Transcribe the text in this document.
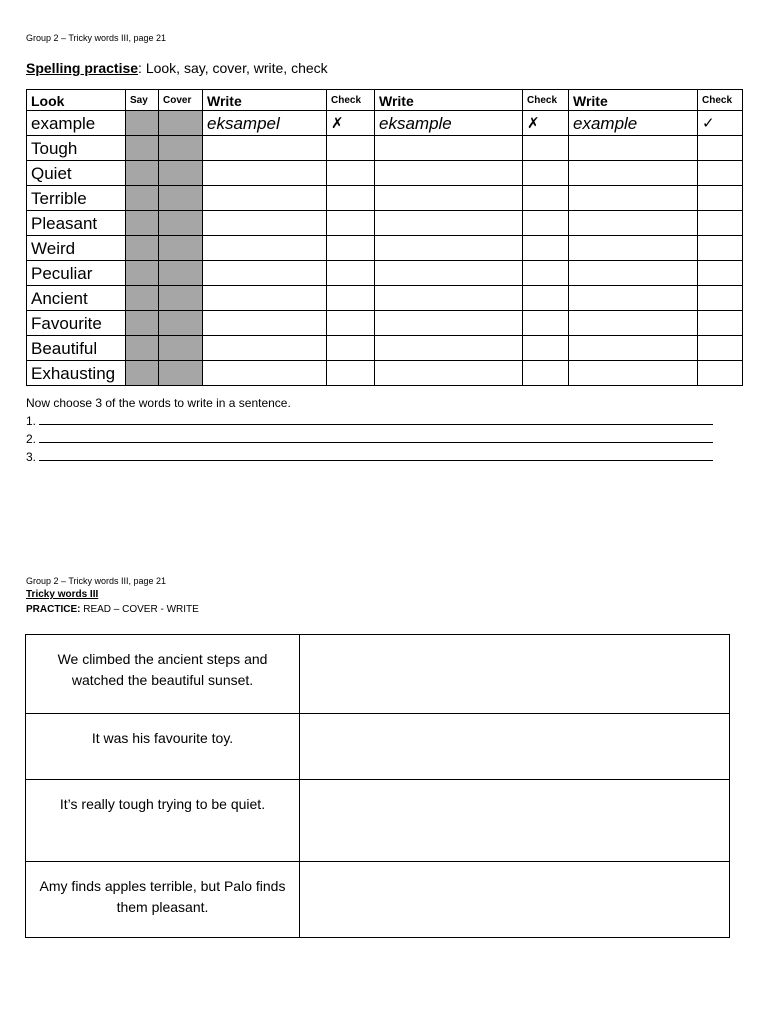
Group 2 – Tricky words III, page 21
Spelling practise: Look, say, cover, write, check
Look	Say	Cover	Write	Check	Write	Check	Write	Check
example			eksampel	✗	eksample	✗	example	✓
Tough								
Quiet								
Terrible								
Pleasant								
Weird								
Peculiar								
Ancient								
Favourite								
Beautiful								
Exhausting								
Now choose 3 of the words to write in a sentence.
1.
2.
3.
Group 2 – Tricky words III, page 21
Tricky words III
PRACTICE: READ – COVER - WRITE
We climbed the ancient steps and watched the beautiful sunset.	
It was his favourite toy.	
It’s really tough trying to be quiet.	
Amy finds apples terrible, but Palo finds them pleasant.	
